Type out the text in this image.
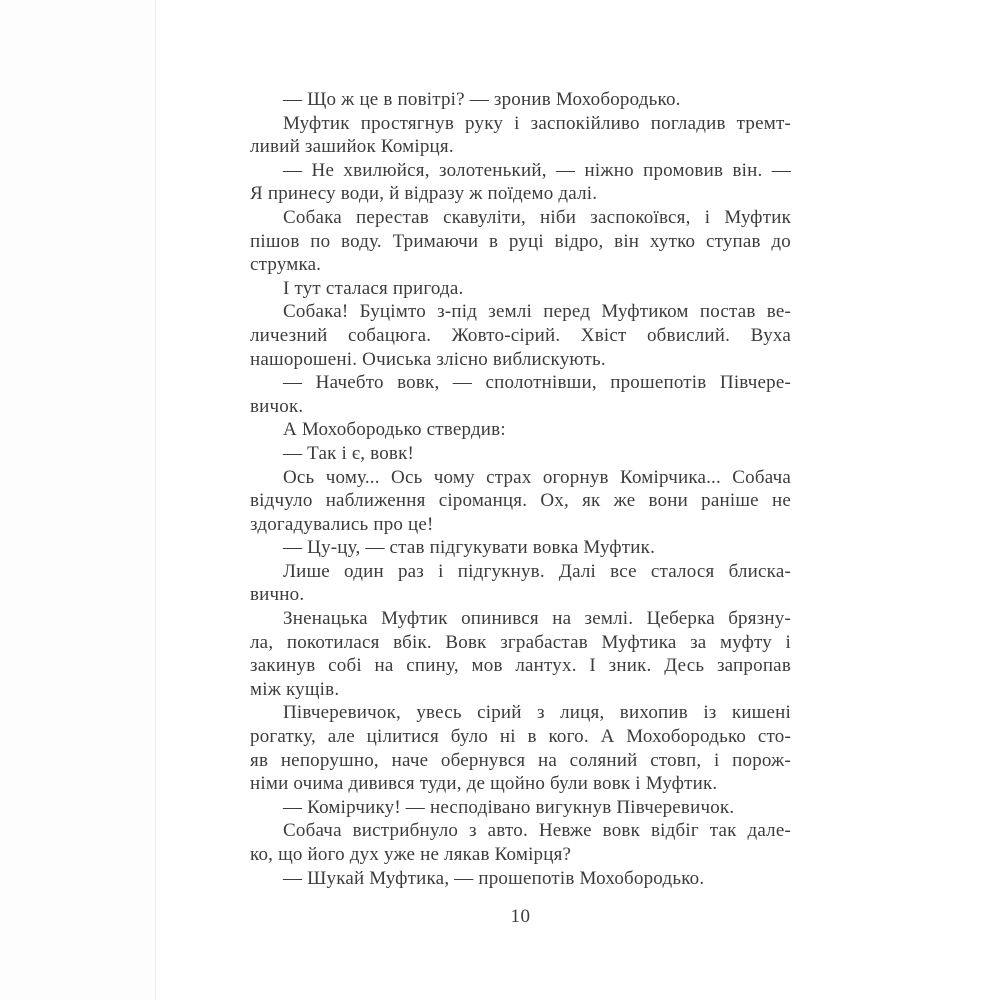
— Що ж це в повітрі? — зронив Мохобородько.
Муфтик простягнув руку і заспокійливо погладив тремт-
ливий зашийок Комірця.
— Не хвилюйся, золотенький, — ніжно промовив він. —
Я принесу води, й відразу ж поїдемо далі.
Собака перестав скавуліти, ніби заспокоївся, і Муфтик
пішов по воду. Тримаючи в руці відро, він хутко ступав до
струмка.
І тут сталася пригода.
Собака! Буцімто з-під землі перед Муфтиком постав ве-
личезний собацюга. Жовто-сірий. Хвіст обвислий. Вуха
нашорошені. Очиська злісно виблискують.
— Начебто вовк, — сполотнівши, прошепотів Півчере-
вичок.
А Мохобородько ствердив:
— Так і є, вовк!
Ось чому... Ось чому страх огорнув Комірчика... Собача
відчуло наближення сіроманця. Ох, як же вони раніше не
здогадувались про це!
— Цу-цу, — став підгукувати вовка Муфтик.
Лише один раз і підгукнув. Далі все сталося блиска-
вично.
Зненацька Муфтик опинився на землі. Цеберка брязну-
ла, покотилася вбік. Вовк зграбастав Муфтика за муфту і
закинув собі на спину, мов лантух. І зник. Десь запропав
між кущів.
Півчеревичок, увесь сірий з лиця, вихопив із кишені
рогатку, але цілитися було ні в кого. А Мохобородько сто-
яв непорушно, наче обернувся на соляний стовп, і порож-
німи очима дивився туди, де щойно були вовк і Муфтик.
— Комірчику! — несподівано вигукнув Півчеревичок.
Собача вистрибнуло з авто. Невже вовк відбіг так дале-
ко, що його дух уже не лякав Комірця?
— Шукай Муфтика, — прошепотів Мохобородько.
10
